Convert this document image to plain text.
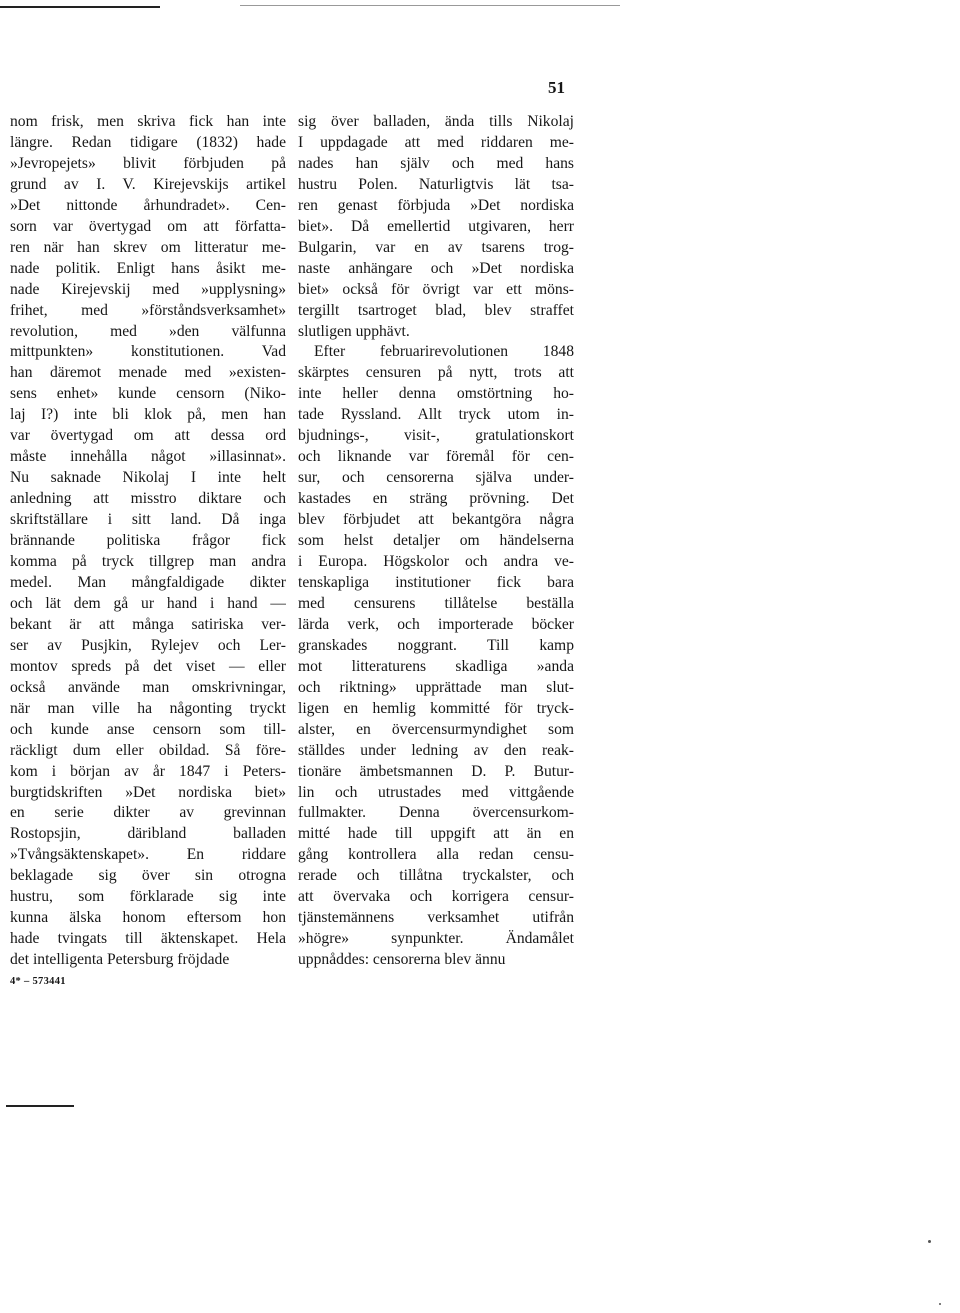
51
nom frisk, men skriva fick han inte
längre. Redan tidigare (1832) hade
»Jevropejets» blivit förbjuden på
grund av I. V. Kirejevskijs artikel
»Det nittonde århundradet». Cen-
sorn var övertygad om att författa-
ren när han skrev om litteratur me-
nade politik. Enligt hans åsikt me-
nade Kirejevskij med »upplysning»
frihet, med »förståndsverksamhet»
revolution, med »den välfunna
mittpunkten» konstitutionen. Vad
han däremot menade med »existen-
sens enhet» kunde censorn (Niko-
laj I?) inte bli klok på, men han
var övertygad om att dessa ord
måste innehålla något »illasinnat».
Nu saknade Nikolaj I inte helt
anledning att misstro diktare och
skriftställare i sitt land. Då inga
brännande politiska frågor fick
komma på tryck tillgrep man andra
medel. Man mångfaldigade dikter
och lät dem gå ur hand i hand —
bekant är att många satiriska ver-
ser av Pusjkin, Rylejev och Ler-
montov spreds på det viset — eller
också använde man omskrivningar,
när man ville ha någonting tryckt
och kunde anse censorn som till-
räckligt dum eller obildad. Så före-
kom i början av år 1847 i Peters-
burgtidskriften »Det nordiska biet»
en serie dikter av grevinnan
Rostopsjin, däribland balladen
»Tvångsäktenskapet». En riddare
beklagade sig över sin otrogna
hustru, som förklarade sig inte
kunna älska honom eftersom hon
hade tvingats till äktenskapet. Hela
det intelligenta Petersburg fröjdade
sig över balladen, ända tills Nikolaj
I uppdagade att med riddaren me-
nades han själv och med hans
hustru Polen. Naturligtvis lät tsa-
ren genast förbjuda »Det nordiska
biet». Då emellertid utgivaren, herr
Bulgarin, var en av tsarens trog-
naste anhängare och »Det nordiska
biet» också för övrigt var ett möns-
tergillt tsartroget blad, blev straffet
slutligen upphävt.
Efter februarirevolutionen 1848
skärptes censuren på nytt, trots att
inte heller denna omstörtning ho-
tade Ryssland. Allt tryck utom in-
bjudnings-, visit-, gratulationskort
och liknande var föremål för cen-
sur, och censorerna själva under-
kastades en sträng prövning. Det
blev förbjudet att bekantgöra några
som helst detaljer om händelserna
i Europa. Högskolor och andra ve-
tenskapliga institutioner fick bara
med censurens tillåtelse beställa
lärda verk, och importerade böcker
granskades noggrant. Till kamp
mot litteraturens skadliga »anda
och riktning» upprättade man slut-
ligen en hemlig kommitté för tryck-
alster, en övercensurmyndighet som
ställdes under ledning av den reak-
tionäre ämbetsmannen D. P. Butur-
lin och utrustades med vittgående
fullmakter. Denna övercensurkom-
mitté hade till uppgift att än en
gång kontrollera alla redan censu-
rerade och tillåtna tryckalster, och
att övervaka och korrigera censur-
tjänstemännens verksamhet utifrån
»högre» synpunkter. Ändamålet
uppnåddes: censorerna blev ännu
4* – 573441
